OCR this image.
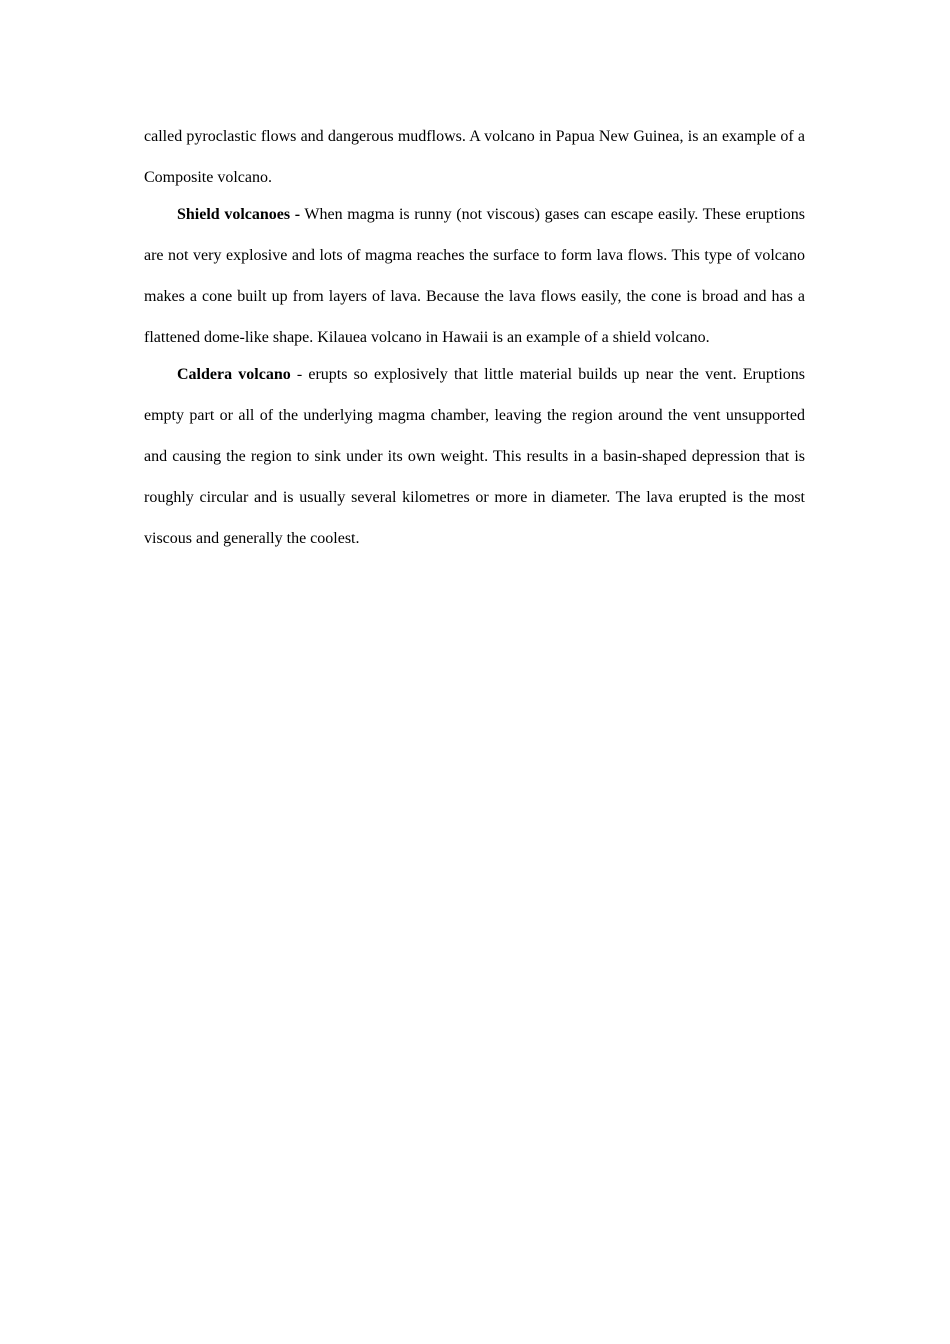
called pyroclastic flows and dangerous mudflows. A volcano in Papua New Guinea, is an example of a Composite volcano.

Shield volcanoes - When magma is runny (not viscous) gases can escape easily. These eruptions are not very explosive and lots of magma reaches the surface to form lava flows. This type of volcano makes a cone built up from layers of lava. Because the lava flows easily, the cone is broad and has a flattened dome-like shape. Kilauea volcano in Hawaii is an example of a shield volcano.

Caldera volcano - erupts so explosively that little material builds up near the vent. Eruptions empty part or all of the underlying magma chamber, leaving the region around the vent unsupported and causing the region to sink under its own weight. This results in a basin-shaped depression that is roughly circular and is usually several kilometres or more in diameter. The lava erupted is the most viscous and generally the coolest.
